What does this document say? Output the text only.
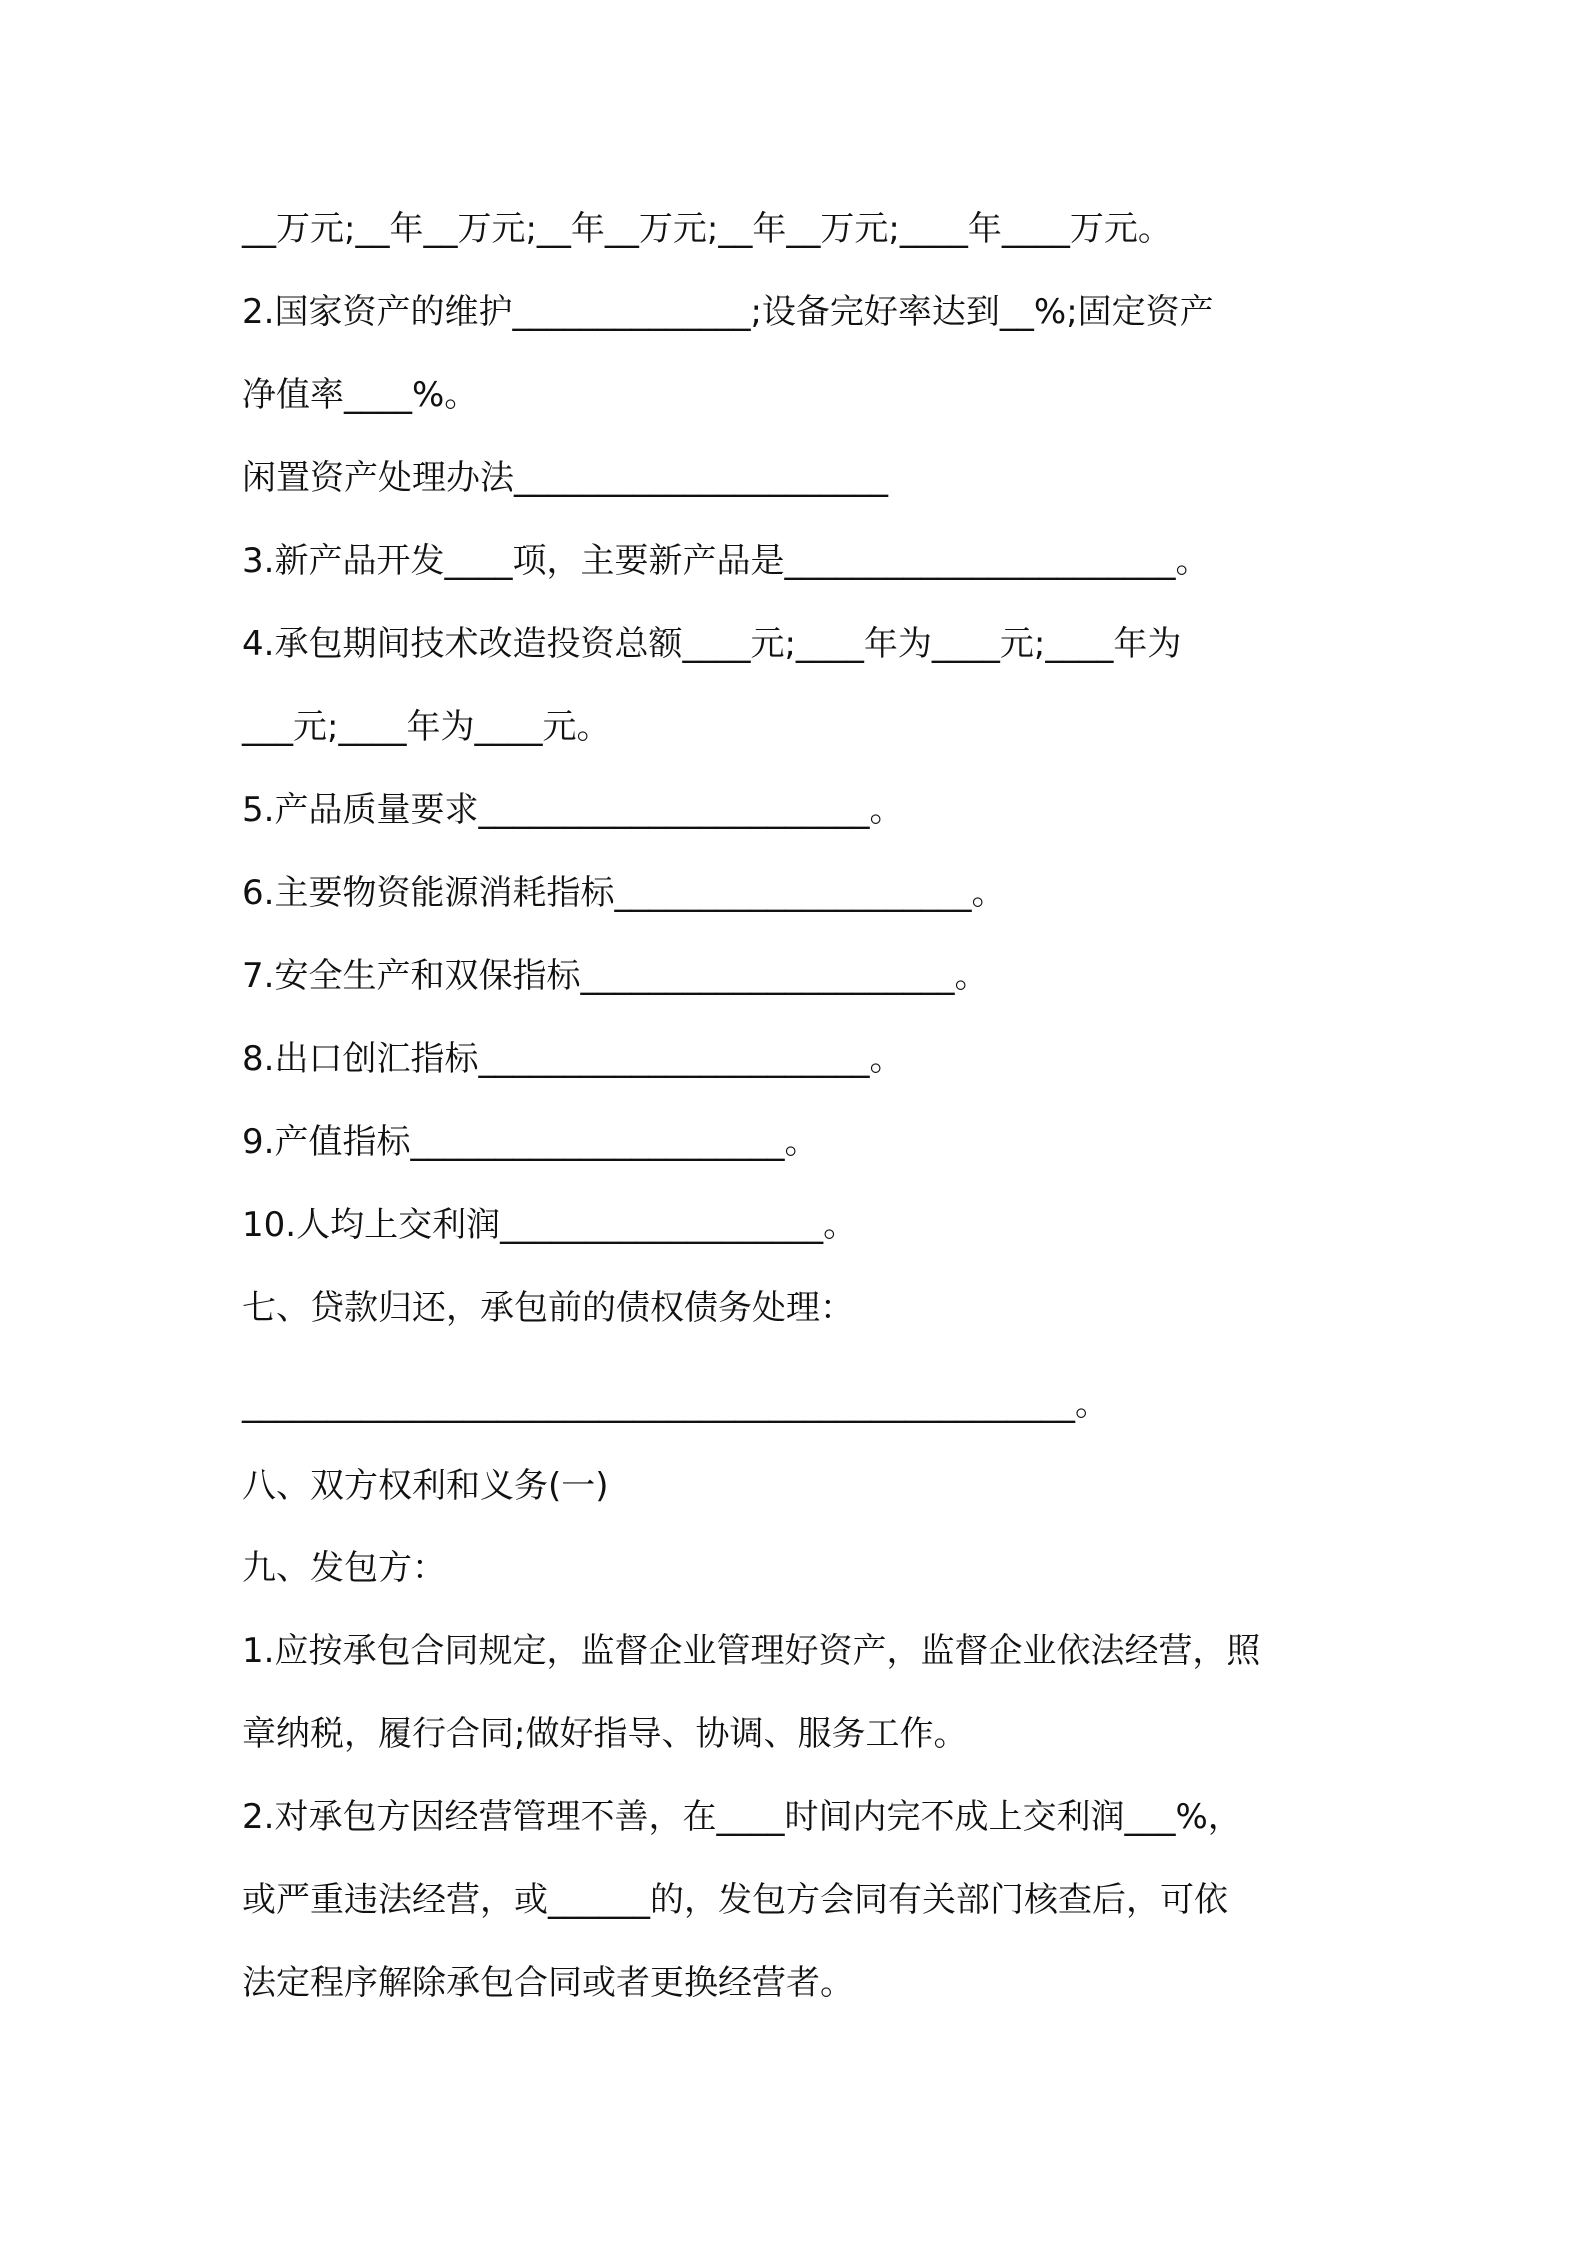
__万元;__年__万元;__年__万元;__年__万元;____年____万元。
2.国家资产的维护______________;设备完好率达到__%;固定资产
净值率____%。
闲置资产处理办法______________________
3.新产品开发____项，主要新产品是_______________________。
4.承包期间技术改造投资总额____元;____年为____元;____年为
___元;____年为____元。
5.产品质量要求_______________________。
6.主要物资能源消耗指标_____________________。
7.安全生产和双保指标______________________。
8.出口创汇指标_______________________。
9.产值指标______________________。
10.人均上交利润___________________。
七、贷款归还，承包前的债权债务处理：
_________________________________________________。
八、双方权利和义务(一)
九、发包方：
1.应按承包合同规定，监督企业管理好资产，监督企业依法经营，照
章纳税，履行合同;做好指导、协调、服务工作。
2.对承包方因经营管理不善，在____时间内完不成上交利润___%，
或严重违法经营，或______的，发包方会同有关部门核查后，可依
法定程序解除承包合同或者更换经营者。
